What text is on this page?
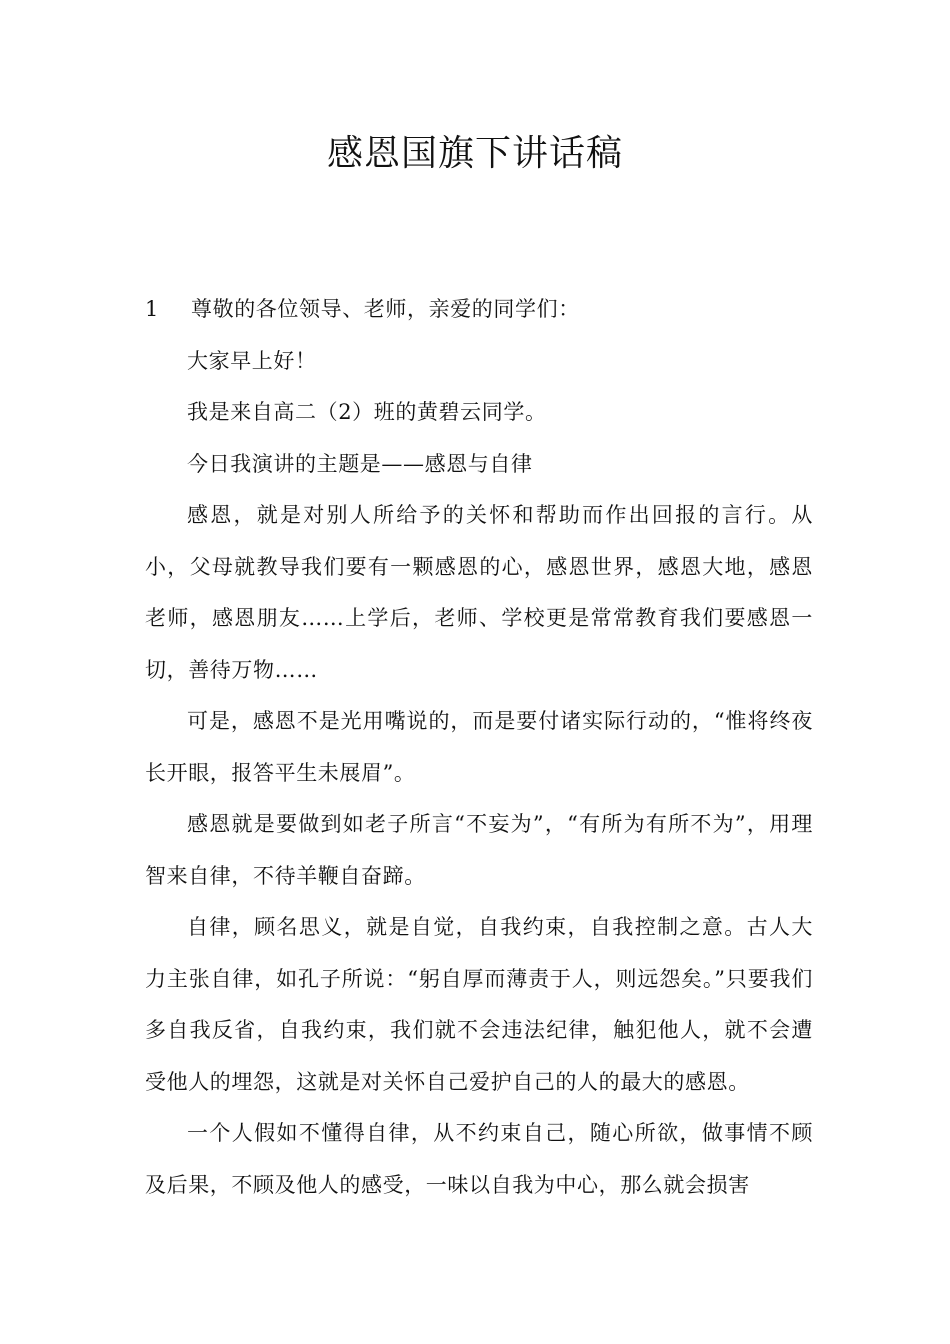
感恩国旗下讲话稿

1 尊敬的各位领导、老师，亲爱的同学们：

大家早上好！

我是来自高二（2）班的黄碧云同学。

今日我演讲的主题是——感恩与自律

感恩，就是对别人所给予的关怀和帮助而作出回报的言行。从小，父母就教导我们要有一颗感恩的心，感恩世界，感恩大地，感恩老师，感恩朋友……上学后，老师、学校更是常常教育我们要感恩一切，善待万物……

可是，感恩不是光用嘴说的，而是要付诸实际行动的，“惟将终夜长开眼，报答平生未展眉”。

感恩就是要做到如老子所言“不妄为”，“有所为有所不为”，用理智来自律，不待羊鞭自奋蹄。

自律，顾名思义，就是自觉，自我约束，自我控制之意。古人大力主张自律，如孔子所说：“躬自厚而薄责于人，则远怨矣。”只要我们多自我反省，自我约束，我们就不会违法纪律，触犯他人，就不会遭受他人的埋怨，这就是对关怀自己爱护自己的人的最大的感恩。

一个人假如不懂得自律，从不约束自己，随心所欲，做事情不顾及后果，不顾及他人的感受，一味以自我为中心，那么就会损害
